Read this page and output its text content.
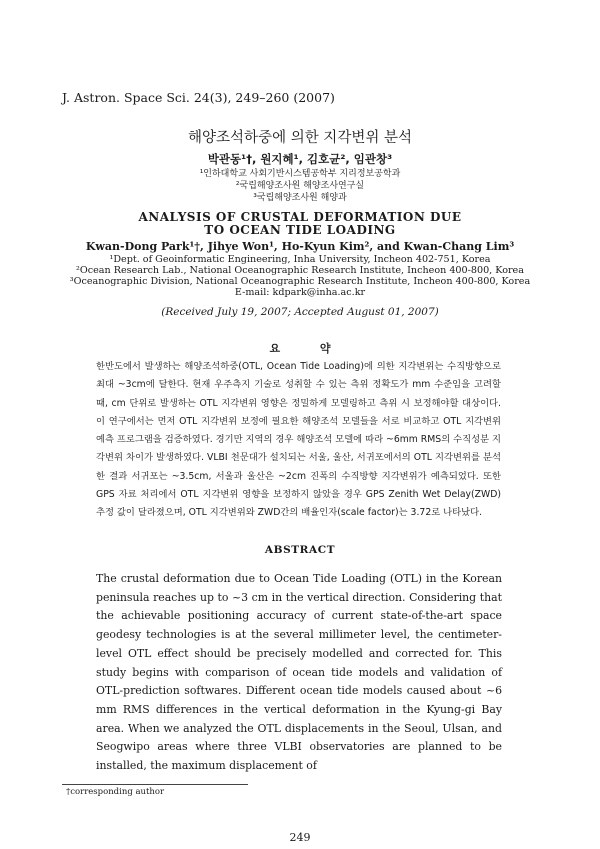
J. Astron. Space Sci. 24(3), 249–260 (2007)
해양조석하중에 의한 지각변위 분석
박관동¹†, 원지혜¹, 김호균², 임관창³
¹인하대학교 사회기반시스템공학부 지리정보공학과
²국립해양조사원 해양조사연구실
³국립해양조사원 해양과
ANALYSIS OF CRUSTAL DEFORMATION DUE
TO OCEAN TIDE LOADING
Kwan-Dong Park¹†, Jihye Won¹, Ho-Kyun Kim², and Kwan-Chang Lim³
¹Dept. of Geoinformatic Engineering, Inha University, Incheon 402-751, Korea
²Ocean Research Lab., National Oceanographic Research Institute, Incheon 400-800, Korea
³Oceanographic Division, National Oceanographic Research Institute, Incheon 400-800, Korea
E-mail: kdpark@inha.ac.kr
(Received July 19, 2007; Accepted August 01, 2007)
요 약

한반도에서 발생하는 해양조석하중(OTL, Ocean Tide Loading)에 의한 지각변위는 수직방향으로 최대 ~3cm에 달한다. 현재 우주측지 기술로 성취할 수 있는 측위 정확도가 mm 수준임을 고려할 때, cm 단위로 발생하는 OTL 지각변위 영향은 정밀하게 모델링하고 측위 시 보정해야할 대상이다. 이 연구에서는 먼저 OTL 지각변위 보정에 필요한 해양조석 모델들을 서로 비교하고 OTL 지각변위 예측 프로그램을 검증하였다. 경기만 지역의 경우 해양조석 모델에 따라 ~6mm RMS의 수직성분 지각변위 차이가 발생하였다. VLBI 천문대가 설치되는 서울, 울산, 서귀포에서의 OTL 지각변위를 분석한 결과 서귀포는 ~3.5cm, 서울과 울산은 ~2cm 진폭의 수직방향 지각변위가 예측되었다. 또한 GPS 자료 처리에서 OTL 지각변위 영향을 보정하지 않았을 경우 GPS Zenith Wet Delay(ZWD) 추정 값이 달라졌으며, OTL 지각변위와 ZWD간의 배율인자(scale factor)는 3.72로 나타났다.

ABSTRACT

The crustal deformation due to Ocean Tide Loading (OTL) in the Korean peninsula reaches up to ~3 cm in the vertical direction. Considering that the achievable positioning accuracy of current state-of-the-art space geodesy technologies is at the several millimeter level, the centimeter-level OTL effect should be precisely modelled and corrected for. This study begins with comparison of ocean tide models and validation of OTL-prediction softwares. Different ocean tide models caused about ~6 mm RMS differences in the vertical deformation in the Kyung-gi Bay area. When we analyzed the OTL displacements in the Seoul, Ulsan, and Seogwipo areas where three VLBI observatories are planned to be installed, the maximum displacement of

†corresponding author
249
